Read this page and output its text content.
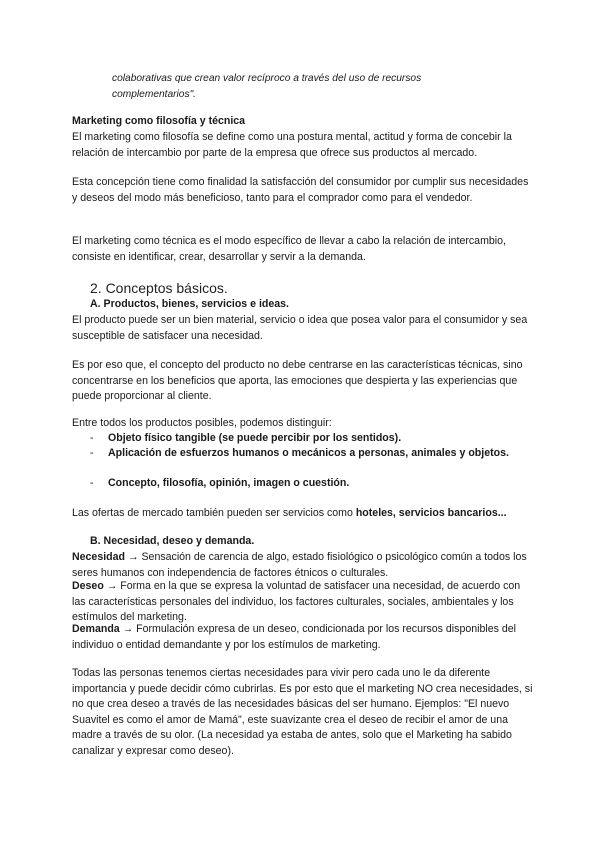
colaborativas que crean valor recíproco a través del uso de recursos

complementarios".

Marketing como filosofía y técnica

El marketing como filosofía se define como una postura mental, actitud y forma de concebir la relación de intercambio por parte de la empresa que ofrece sus productos al mercado.

Esta concepción tiene como finalidad la satisfacción del consumidor por cumplir sus necesidades y deseos del modo más beneficioso, tanto para el comprador como para el vendedor.

El marketing como técnica es el modo específico de llevar a cabo la relación de intercambio, consiste en identificar, crear, desarrollar y servir a la demanda.

2. Conceptos básicos.

A. Productos, bienes, servicios e ideas.

El producto puede ser un bien material, servicio o idea que posea valor para el consumidor y sea susceptible de satisfacer una necesidad.

Es por eso que, el concepto del producto no debe centrarse en las características técnicas, sino concentrarse en los beneficios que aporta, las emociones que despierta y las experiencias que puede proporcionar al cliente.

Entre todos los productos posibles, podemos distinguir:

- Objeto físico tangible (se puede percibir por los sentidos).
- Aplicación de esfuerzos humanos o mecánicos a personas, animales y objetos.
- Concepto, filosofía, opinión, imagen o cuestión.

Las ofertas de mercado también pueden ser servicios como hoteles, servicios bancarios...

B. Necesidad, deseo y demanda.

Necesidad → Sensación de carencia de algo, estado fisiológico o psicológico común a todos los seres humanos con independencia de factores étnicos o culturales.

Deseo → Forma en la que se expresa la voluntad de satisfacer una necesidad, de acuerdo con las características personales del individuo, los factores culturales, sociales, ambientales y los estímulos del marketing.

Demanda → Formulación expresa de un deseo, condicionada por los recursos disponibles del individuo o entidad demandante y por los estímulos de marketing.

Todas las personas tenemos ciertas necesidades para vivir pero cada uno le da diferente importancia y puede decidir cómo cubrirlas. Es por esto que el marketing NO crea necesidades, si no que crea deseo a través de las necesidades básicas del ser humano. Ejemplos: "El nuevo Suavitel es como el amor de Mamá", este suavizante crea el deseo de recibir el amor de una madre a través de su olor. (La necesidad ya estaba de antes, solo que el Marketing ha sabido canalizar y expresar como deseo).
